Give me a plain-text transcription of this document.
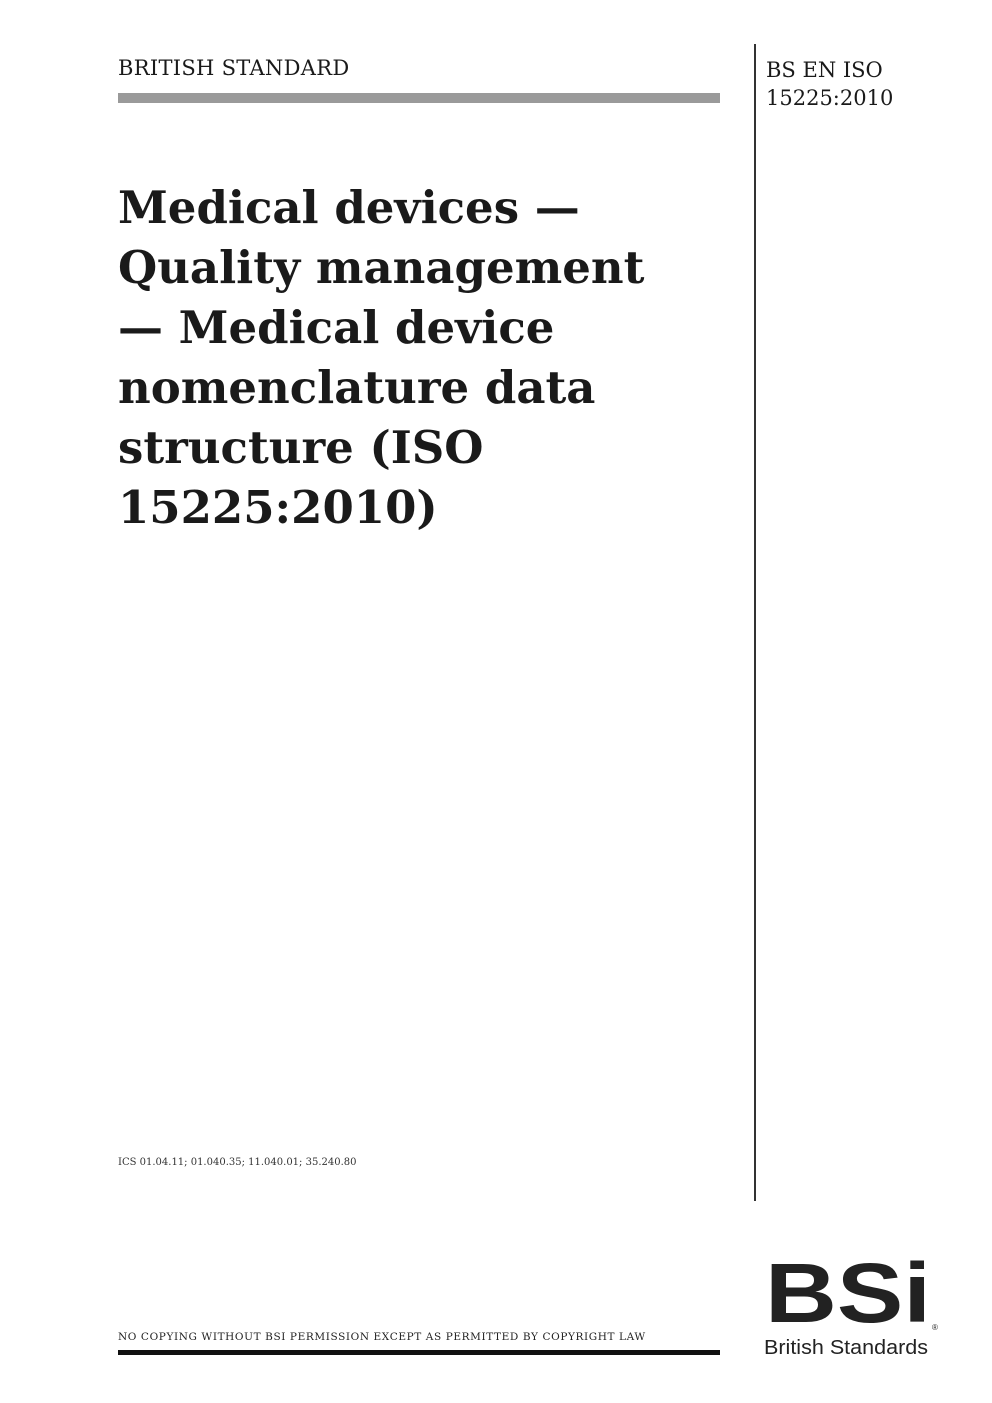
BRITISH STANDARD	BS EN ISO
15225:2010
Medical devices —
Quality management
— Medical device
nomenclature data
structure (ISO
15225:2010)
ICS 01.04.11; 01.040.35; 11.040.01; 35.240.80
NO COPYING WITHOUT BSI PERMISSION EXCEPT AS PERMITTED BY COPYRIGHT LAW BSi ®
British Standards
